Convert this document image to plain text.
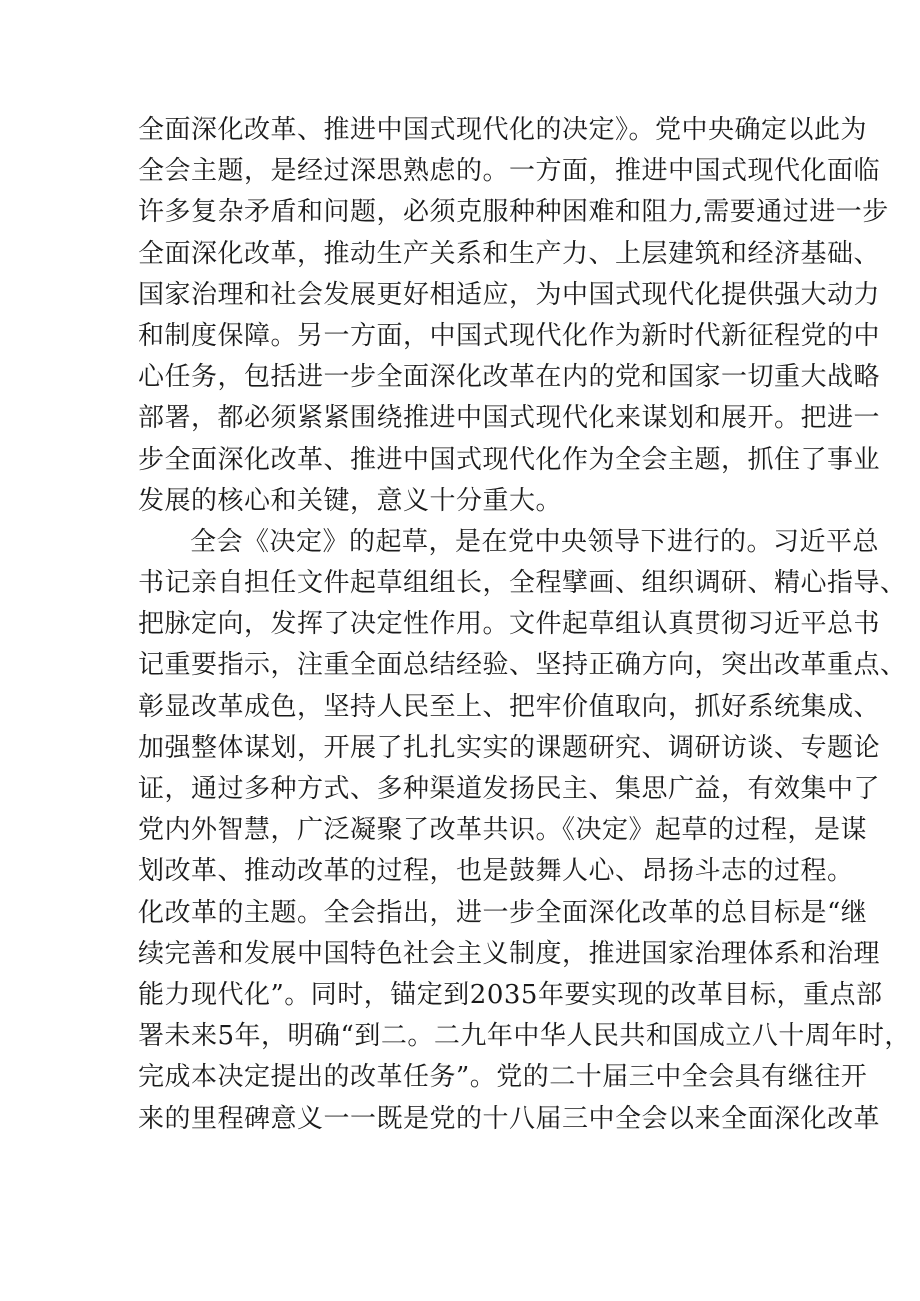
全面深化改革、推进中国式现代化的决定》。党中央确定以此为
全会主题，是经过深思熟虑的。一方面，推进中国式现代化面临
许多复杂矛盾和问题，必须克服种种困难和阻力,需要通过进一步
全面深化改革，推动生产关系和生产力、上层建筑和经济基础、
国家治理和社会发展更好相适应，为中国式现代化提供强大动力
和制度保障。另一方面，中国式现代化作为新时代新征程党的中
心任务，包括进一步全面深化改革在内的党和国家一切重大战略
部署，都必须紧紧围绕推进中国式现代化来谋划和展开。把进一
步全面深化改革、推进中国式现代化作为全会主题，抓住了事业
发展的核心和关键，意义十分重大。
全会《决定》的起草，是在党中央领导下进行的。习近平总
书记亲自担任文件起草组组长，全程擘画、组织调研、精心指导、
把脉定向，发挥了决定性作用。文件起草组认真贯彻习近平总书
记重要指示，注重全面总结经验、坚持正确方向，突出改革重点、
彰显改革成色，坚持人民至上、把牢价值取向，抓好系统集成、
加强整体谋划，开展了扎扎实实的课题研究、调研访谈、专题论
证，通过多种方式、多种渠道发扬民主、集思广益，有效集中了
党内外智慧，广泛凝聚了改革共识。《决定》起草的过程，是谋
划改革、推动改革的过程，也是鼓舞人心、昂扬斗志的过程。
化改革的主题。全会指出，进一步全面深化改革的总目标是“继
续完善和发展中国特色社会主义制度，推进国家治理体系和治理
能力现代化”。同时，锚定到2035年要实现的改革目标，重点部
署未来5年，明确“到二。二九年中华人民共和国成立八十周年时，
完成本决定提出的改革任务”。党的二十届三中全会具有继往开
来的里程碑意义一一既是党的十八届三中全会以来全面深化改革
